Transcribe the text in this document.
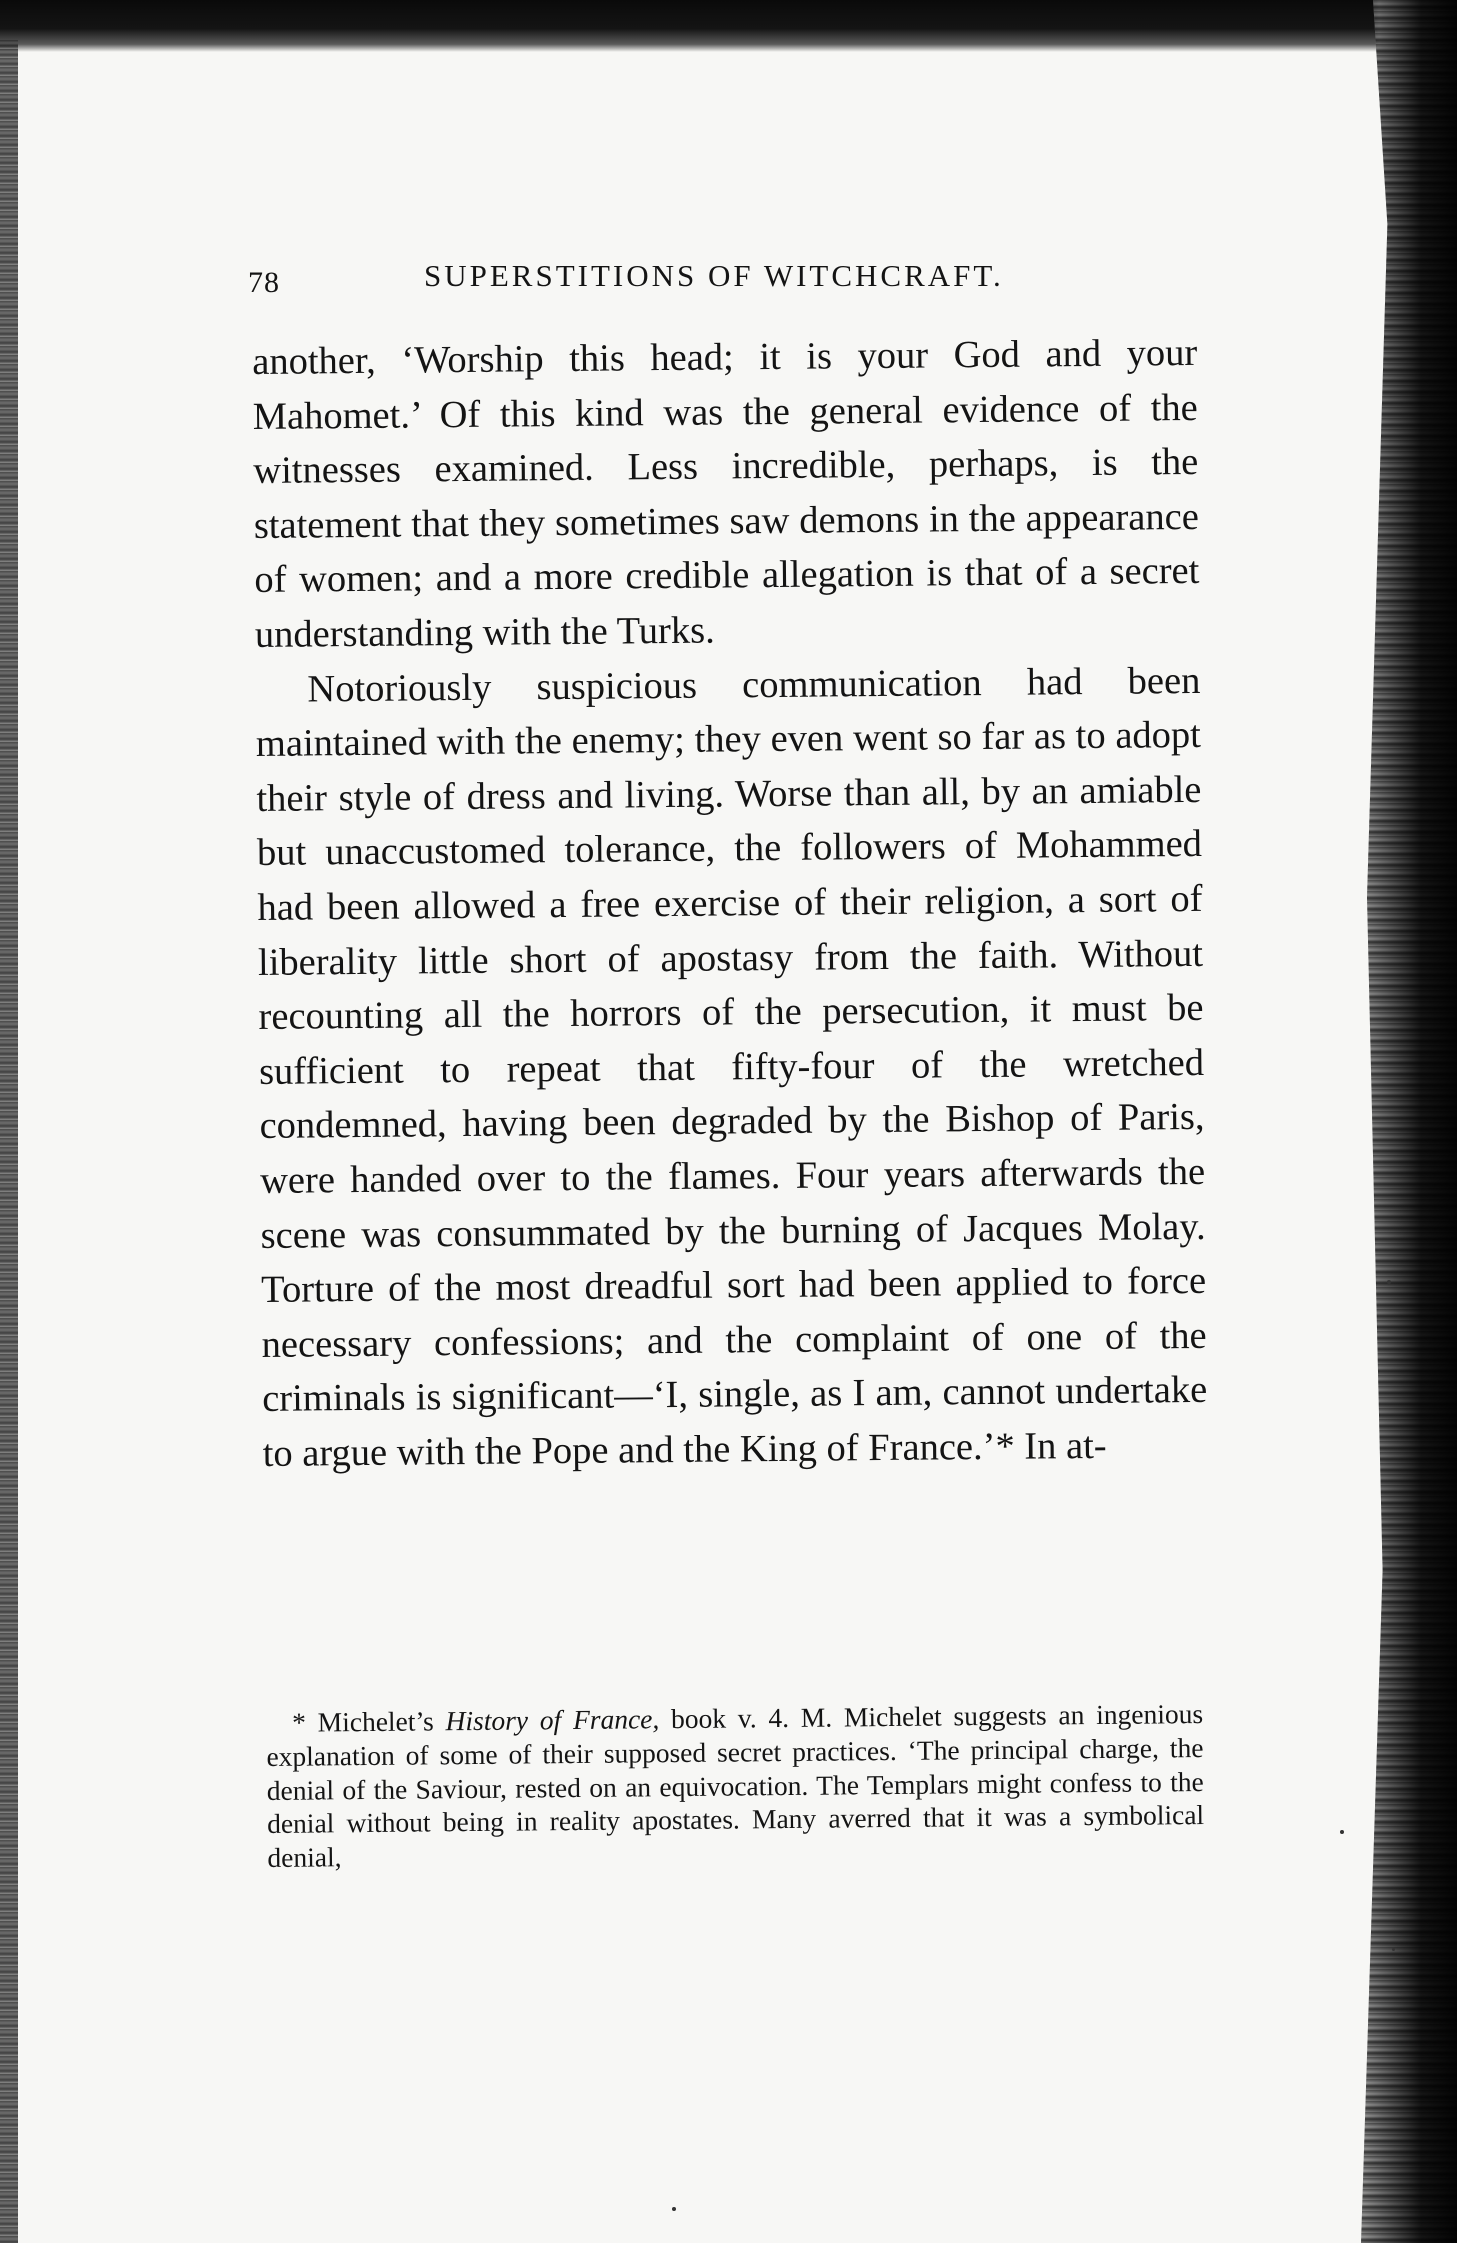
78	SUPERSTITIONS OF WITCHCRAFT.

another, ‘Worship this head; it is your God and your Mahomet.’ Of this kind was the general evidence of the witnesses examined. Less incredible, perhaps, is the statement that they sometimes saw demons in the appearance of women; and a more credible allegation is that of a secret understanding with the Turks.

Notoriously suspicious communication had been maintained with the enemy; they even went so far as to adopt their style of dress and living. Worse than all, by an amiable but unaccustomed tolerance, the followers of Mohammed had been allowed a free exercise of their religion, a sort of liberality little short of apostasy from the faith. Without recounting all the horrors of the persecution, it must be sufficient to repeat that fifty-four of the wretched condemned, having been degraded by the Bishop of Paris, were handed over to the flames. Four years afterwards the scene was consummated by the burning of Jacques Molay. Torture of the most dreadful sort had been applied to force necessary confessions; and the complaint of one of the criminals is significant—‘I, single, as I am, cannot undertake to argue with the Pope and the King of France.’* In at-

* Michelet’s History of France, book v. 4. M. Michelet suggests an ingenious explanation of some of their supposed secret practices. ‘The principal charge, the denial of the Saviour, rested on an equivocation. The Templars might confess to the denial without being in reality apostates. Many averred that it was a symbolical denial,
